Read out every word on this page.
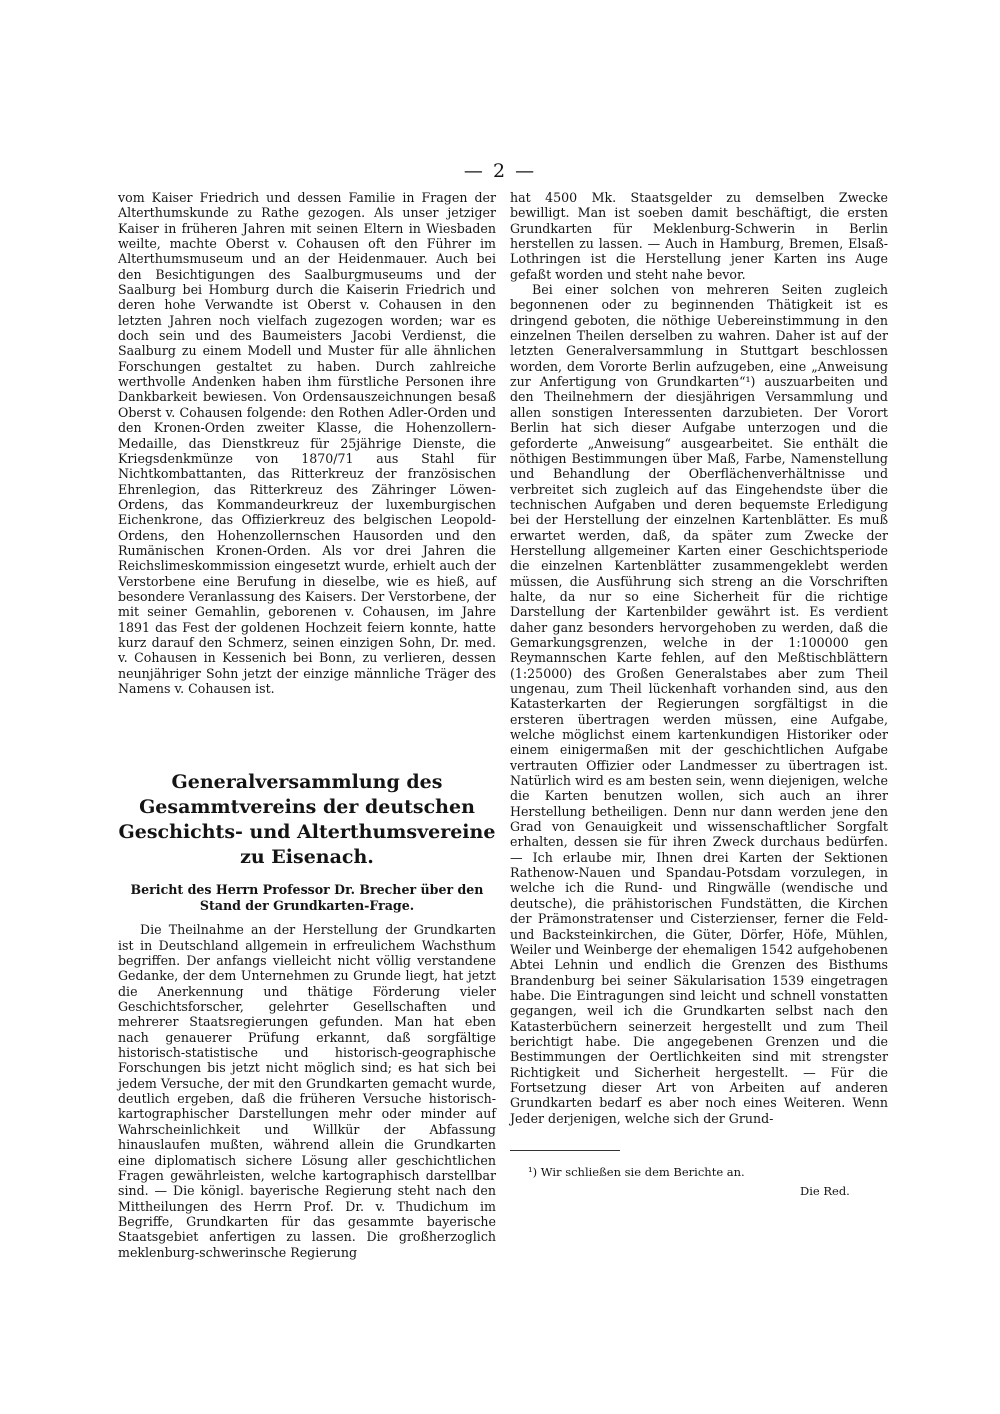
— 2 —

vom Kaiser Friedrich und dessen Familie in Fragen der Alterthumskunde zu Rathe gezogen. Als unser jetziger Kaiser in früheren Jahren mit seinen Eltern in Wiesbaden weilte, machte Oberst v. Cohausen oft den Führer im Alterthumsmuseum und an der Heidenmauer. Auch bei den Besichtigungen des Saalburgmuseums und der Saalburg bei Homburg durch die Kaiserin Friedrich und deren hohe Verwandte ist Oberst v. Cohausen in den letzten Jahren noch vielfach zugezogen worden; war es doch sein und des Baumeisters Jacobi Verdienst, die Saalburg zu einem Modell und Muster für alle ähnlichen Forschungen gestaltet zu haben. Durch zahlreiche werthvolle Andenken haben ihm fürstliche Personen ihre Dankbarkeit bewiesen. Von Ordensauszeichnungen besaß Oberst v. Cohausen folgende: den Rothen Adler-Orden und den Kronen-Orden zweiter Klasse, die Hohenzollern-Medaille, das Dienstkreuz für 25jährige Dienste, die Kriegsdenkmünze von 1870/71 aus Stahl für Nichtkombattanten, das Ritterkreuz der französischen Ehrenlegion, das Ritterkreuz des Zähringer Löwen-Ordens, das Kommandeurkreuz der luxemburgischen Eichenkrone, das Offizierkreuz des belgischen Leopold-Ordens, den Hohenzollernschen Hausorden und den Rumänischen Kronen-Orden. Als vor drei Jahren die Reichslimeskommission eingesetzt wurde, erhielt auch der Verstorbene eine Berufung in dieselbe, wie es hieß, auf besondere Veranlassung des Kaisers. Der Verstorbene, der mit seiner Gemahlin, geborenen v. Cohausen, im Jahre 1891 das Fest der goldenen Hochzeit feiern konnte, hatte kurz darauf den Schmerz, seinen einzigen Sohn, Dr. med. v. Cohausen in Kessenich bei Bonn, zu verlieren, dessen neunjähriger Sohn jetzt der einzige männliche Träger des Namens v. Cohausen ist.

Generalversammlung des Gesammtvereins der deutschen Geschichts- und Alterthumsvereine zu Eisenach.
Bericht des Herrn Professor Dr. Brecher über den Stand der Grundkarten-Frage.

Die Theilnahme an der Herstellung der Grundkarten ist in Deutschland allgemein in erfreulichem Wachsthum begriffen. Der anfangs vielleicht nicht völlig verstandene Gedanke, der dem Unternehmen zu Grunde liegt, hat jetzt die Anerkennung und thätige Förderung vieler Geschichtsforscher, gelehrter Gesellschaften und mehrerer Staatsregierungen gefunden. Man hat eben nach genauerer Prüfung erkannt, daß sorgfältige historisch-statistische und historisch-geographische Forschungen bis jetzt nicht möglich sind; es hat sich bei jedem Versuche, der mit den Grundkarten gemacht wurde, deutlich ergeben, daß die früheren Versuche historisch-kartographischer Darstellungen mehr oder minder auf Wahrscheinlichkeit und Willkür der Abfassung hinauslaufen mußten, während allein die Grundkarten eine diplomatisch sichere Lösung aller geschichtlichen Fragen gewährleisten, welche kartographisch darstellbar sind. — Die königl. bayerische Regierung steht nach den Mittheilungen des Herrn Prof. Dr. v. Thudichum im Begriffe, Grundkarten für das gesammte bayerische Staatsgebiet anfertigen zu lassen. Die großherzoglich meklenburg-schwerinsche Regierung

hat 4500 Mk. Staatsgelder zu demselben Zwecke bewilligt. Man ist soeben damit beschäftigt, die ersten Grundkarten für Meklenburg-Schwerin in Berlin herstellen zu lassen. — Auch in Hamburg, Bremen, Elsaß-Lothringen ist die Herstellung jener Karten ins Auge gefaßt worden und steht nahe bevor.

Bei einer solchen von mehreren Seiten zugleich begonnenen oder zu beginnenden Thätigkeit ist es dringend geboten, die nöthige Uebereinstimmung in den einzelnen Theilen derselben zu wahren. Daher ist auf der letzten Generalversammlung in Stuttgart beschlossen worden, dem Vororte Berlin aufzugeben, eine „Anweisung zur Anfertigung von Grundkarten“¹) auszuarbeiten und den Theilnehmern der diesjährigen Versammlung und allen sonstigen Interessenten darzubieten. Der Vorort Berlin hat sich dieser Aufgabe unterzogen und die geforderte „Anweisung“ ausgearbeitet. Sie enthält die nöthigen Bestimmungen über Maß, Farbe, Namenstellung und Behandlung der Oberflächenverhältnisse und verbreitet sich zugleich auf das Eingehendste über die technischen Aufgaben und deren bequemste Erledigung bei der Herstellung der einzelnen Kartenblätter. Es muß erwartet werden, daß, da später zum Zwecke der Herstellung allgemeiner Karten einer Geschichtsperiode die einzelnen Kartenblätter zusammengeklebt werden müssen, die Ausführung sich streng an die Vorschriften halte, da nur so eine Sicherheit für die richtige Darstellung der Kartenbilder gewährt ist. Es verdient daher ganz besonders hervorgehoben zu werden, daß die Gemarkungsgrenzen, welche in der 1:100000 gen Reymannschen Karte fehlen, auf den Meßtischblättern (1:25000) des Großen Generalstabes aber zum Theil ungenau, zum Theil lückenhaft vorhanden sind, aus den Katasterkarten der Regierungen sorgfältigst in die ersteren übertragen werden müssen, eine Aufgabe, welche möglichst einem kartenkundigen Historiker oder einem einigermaßen mit der geschichtlichen Aufgabe vertrauten Offizier oder Landmesser zu übertragen ist. Natürlich wird es am besten sein, wenn diejenigen, welche die Karten benutzen wollen, sich auch an ihrer Herstellung betheiligen. Denn nur dann werden jene den Grad von Genauigkeit und wissenschaftlicher Sorgfalt erhalten, dessen sie für ihren Zweck durchaus bedürfen. — Ich erlaube mir, Ihnen drei Karten der Sektionen Rathenow-Nauen und Spandau-Potsdam vorzulegen, in welche ich die Rund- und Ringwälle (wendische und deutsche), die prähistorischen Fundstätten, die Kirchen der Prämonstratenser und Cisterzienser, ferner die Feld- und Backsteinkirchen, die Güter, Dörfer, Höfe, Mühlen, Weiler und Weinberge der ehemaligen 1542 aufgehobenen Abtei Lehnin und endlich die Grenzen des Bisthums Brandenburg bei seiner Säkularisation 1539 eingetragen habe. Die Eintragungen sind leicht und schnell vonstatten gegangen, weil ich die Grundkarten selbst nach den Katasterbüchern seinerzeit hergestellt und zum Theil berichtigt habe. Die angegebenen Grenzen und die Bestimmungen der Oertlichkeiten sind mit strengster Richtigkeit und Sicherheit hergestellt. — Für die Fortsetzung dieser Art von Arbeiten auf anderen Grundkarten bedarf es aber noch eines Weiteren. Wenn Jeder derjenigen, welche sich der Grund-

¹) Wir schließen sie dem Berichte an.
Die Red.
